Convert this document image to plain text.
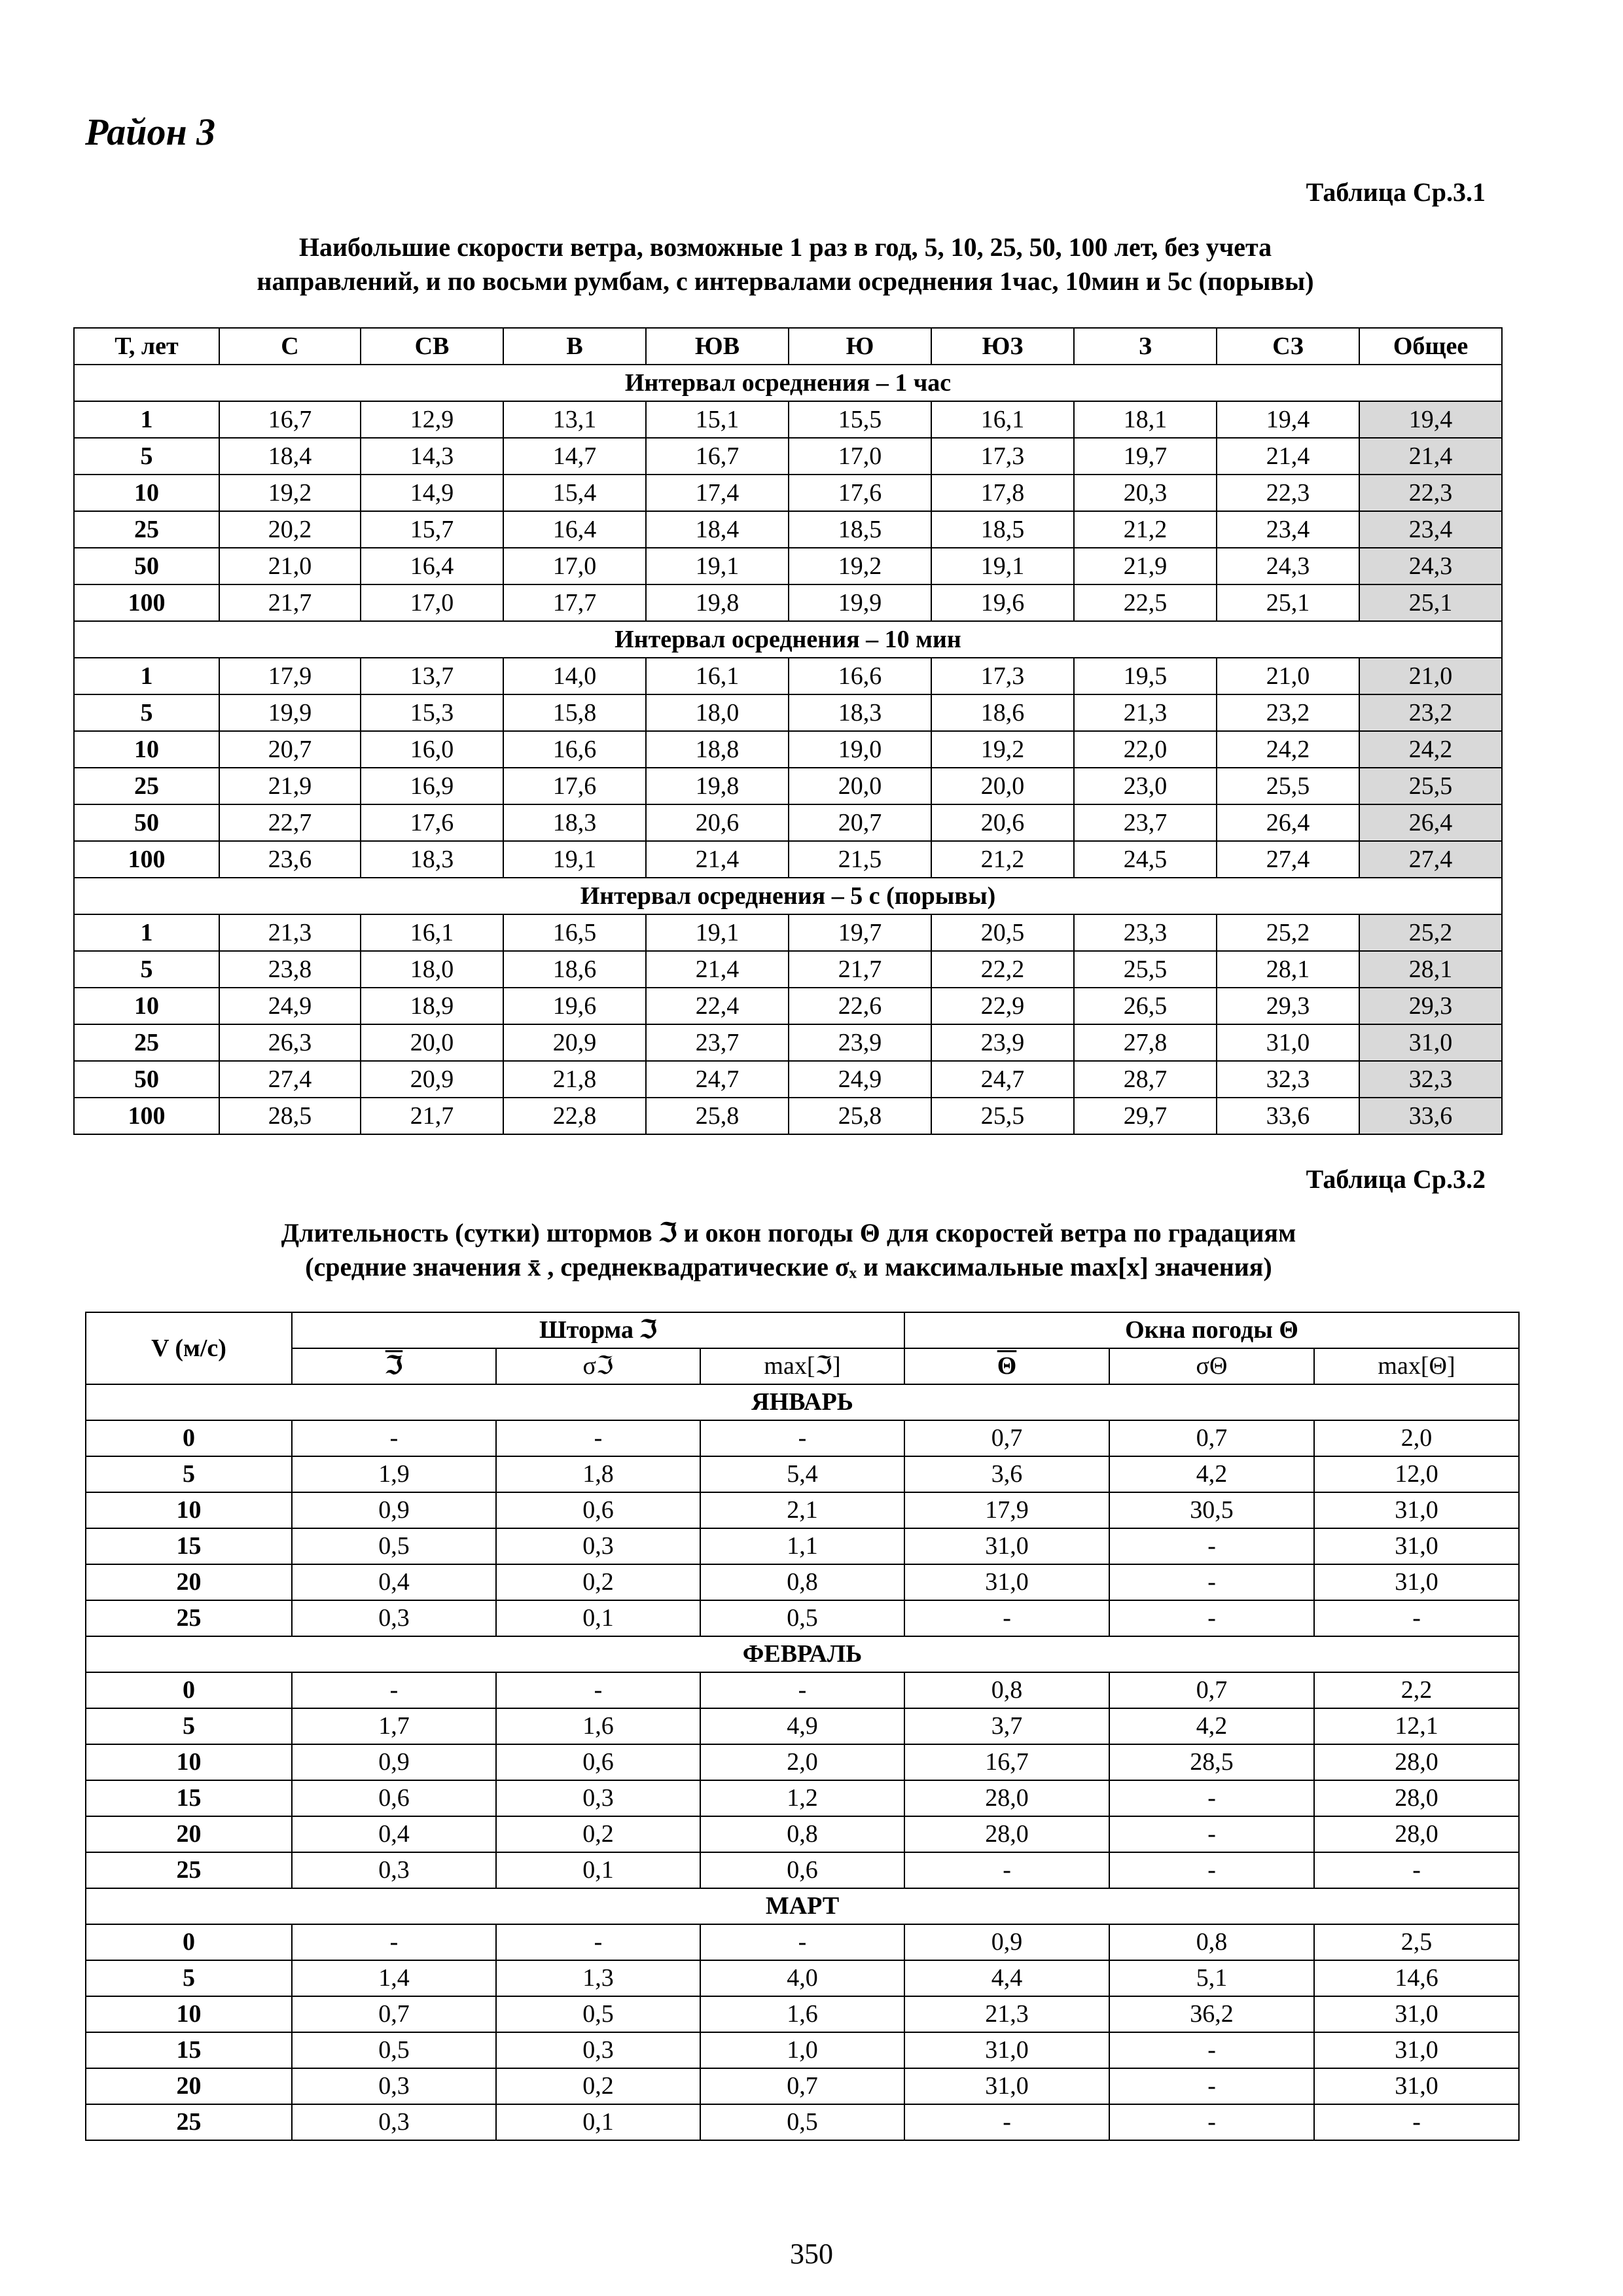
Район 3
Таблица Ср.3.1
Наибольшие скорости ветра, возможные 1 раз в год, 5, 10, 25, 50, 100 лет, без учета
направлений, и по восьми румбам, с интервалами осреднения 1час, 10мин и 5с (порывы)
Т, лет	С	СВ	В	ЮВ	Ю	ЮЗ	З	СЗ	Общее
Интервал осреднения – 1 час									
1	16,7	12,9	13,1	15,1	15,5	16,1	18,1	19,4	19,4
5	18,4	14,3	14,7	16,7	17,0	17,3	19,7	21,4	21,4
10	19,2	14,9	15,4	17,4	17,6	17,8	20,3	22,3	22,3
25	20,2	15,7	16,4	18,4	18,5	18,5	21,2	23,4	23,4
50	21,0	16,4	17,0	19,1	19,2	19,1	21,9	24,3	24,3
100	21,7	17,0	17,7	19,8	19,9	19,6	22,5	25,1	25,1
Интервал осреднения – 10 мин									
1	17,9	13,7	14,0	16,1	16,6	17,3	19,5	21,0	21,0
5	19,9	15,3	15,8	18,0	18,3	18,6	21,3	23,2	23,2
10	20,7	16,0	16,6	18,8	19,0	19,2	22,0	24,2	24,2
25	21,9	16,9	17,6	19,8	20,0	20,0	23,0	25,5	25,5
50	22,7	17,6	18,3	20,6	20,7	20,6	23,7	26,4	26,4
100	23,6	18,3	19,1	21,4	21,5	21,2	24,5	27,4	27,4
Интервал осреднения – 5 с (порывы)									
1	21,3	16,1	16,5	19,1	19,7	20,5	23,3	25,2	25,2
5	23,8	18,0	18,6	21,4	21,7	22,2	25,5	28,1	28,1
10	24,9	18,9	19,6	22,4	22,6	22,9	26,5	29,3	29,3
25	26,3	20,0	20,9	23,7	23,9	23,9	27,8	31,0	31,0
50	27,4	20,9	21,8	24,7	24,9	24,7	28,7	32,3	32,3
100	28,5	21,7	22,8	25,8	25,8	25,5	29,7	33,6	33,6
Таблица Ср.3.2
Длительность (сутки) штормов ℑ и окон погоды Θ для скоростей ветра по градациям
(средние значения x̄ , среднеквадратические σₓ и максимальные max[x] значения)
V (м/с)	Шторма ℑ			Окна погоды Θ		
	ℑ	σℑ	max[ℑ]	$\overline{\Theta}$	σΘ	max[Θ]
ЯНВАРЬ						
0	-	-	-	0,7	0,7	2,0
5	1,9	1,8	5,4	3,6	4,2	12,0
10	0,9	0,6	2,1	17,9	30,5	31,0
15	0,5	0,3	1,1	31,0	-	31,0
20	0,4	0,2	0,8	31,0	-	31,0
25	0,3	0,1	0,5	-	-	-
ФЕВРАЛЬ						
0	-	-	-	0,8	0,7	2,2
5	1,7	1,6	4,9	3,7	4,2	12,1
10	0,9	0,6	2,0	16,7	28,5	28,0
15	0,6	0,3	1,2	28,0	-	28,0
20	0,4	0,2	0,8	28,0	-	28,0
25	0,3	0,1	0,6	-	-	-
МАРТ						
0	-	-	-	0,9	0,8	2,5
5	1,4	1,3	4,0	4,4	5,1	14,6
10	0,7	0,5	1,6	21,3	36,2	31,0
15	0,5	0,3	1,0	31,0	-	31,0
20	0,3	0,2	0,7	31,0	-	31,0
25	0,3	0,1	0,5	-	-	-
350
